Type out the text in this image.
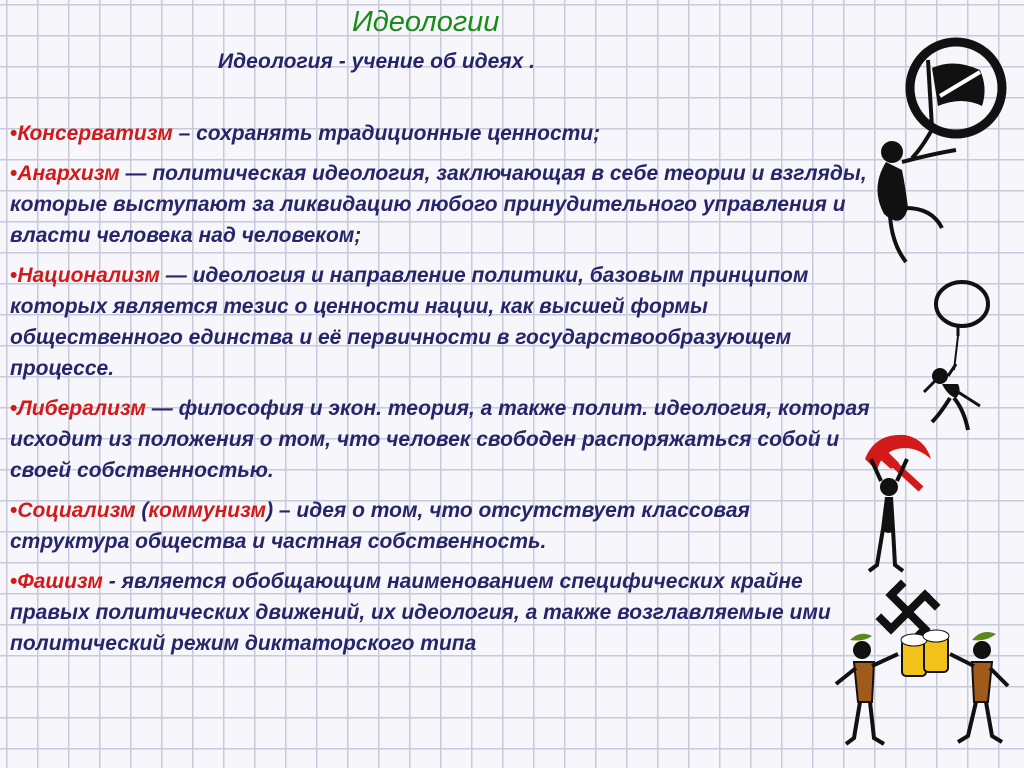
Идеологии
Идеология - учение об идеях .
•Консерватизм – сохранять традиционные ценности;
•Анархизм — политическая идеология, заключающая в себе теории и взгляды, которые выступают за ликвидацию любого принудительного управления и власти человека над человеком;
•Национализм — идеология и направление политики, базовым принципом которых является тезис о ценности нации, как высшей формы общественного единства и её первичности в государствообразующем процессе.
•Либерализм — философия и экон. теория, а также полит. идеология, которая исходит из положения о том, что человек свободен распоряжаться собой и своей собственностью.
•Социализм (коммунизм) – идея о том, что отсутствует классовая структура общества и частная собственность.
•Фашизм - является обобщающим наименованием специфических крайне правых политических движений, их идеология, а также возглавляемые ими политический режим диктаторского типа
